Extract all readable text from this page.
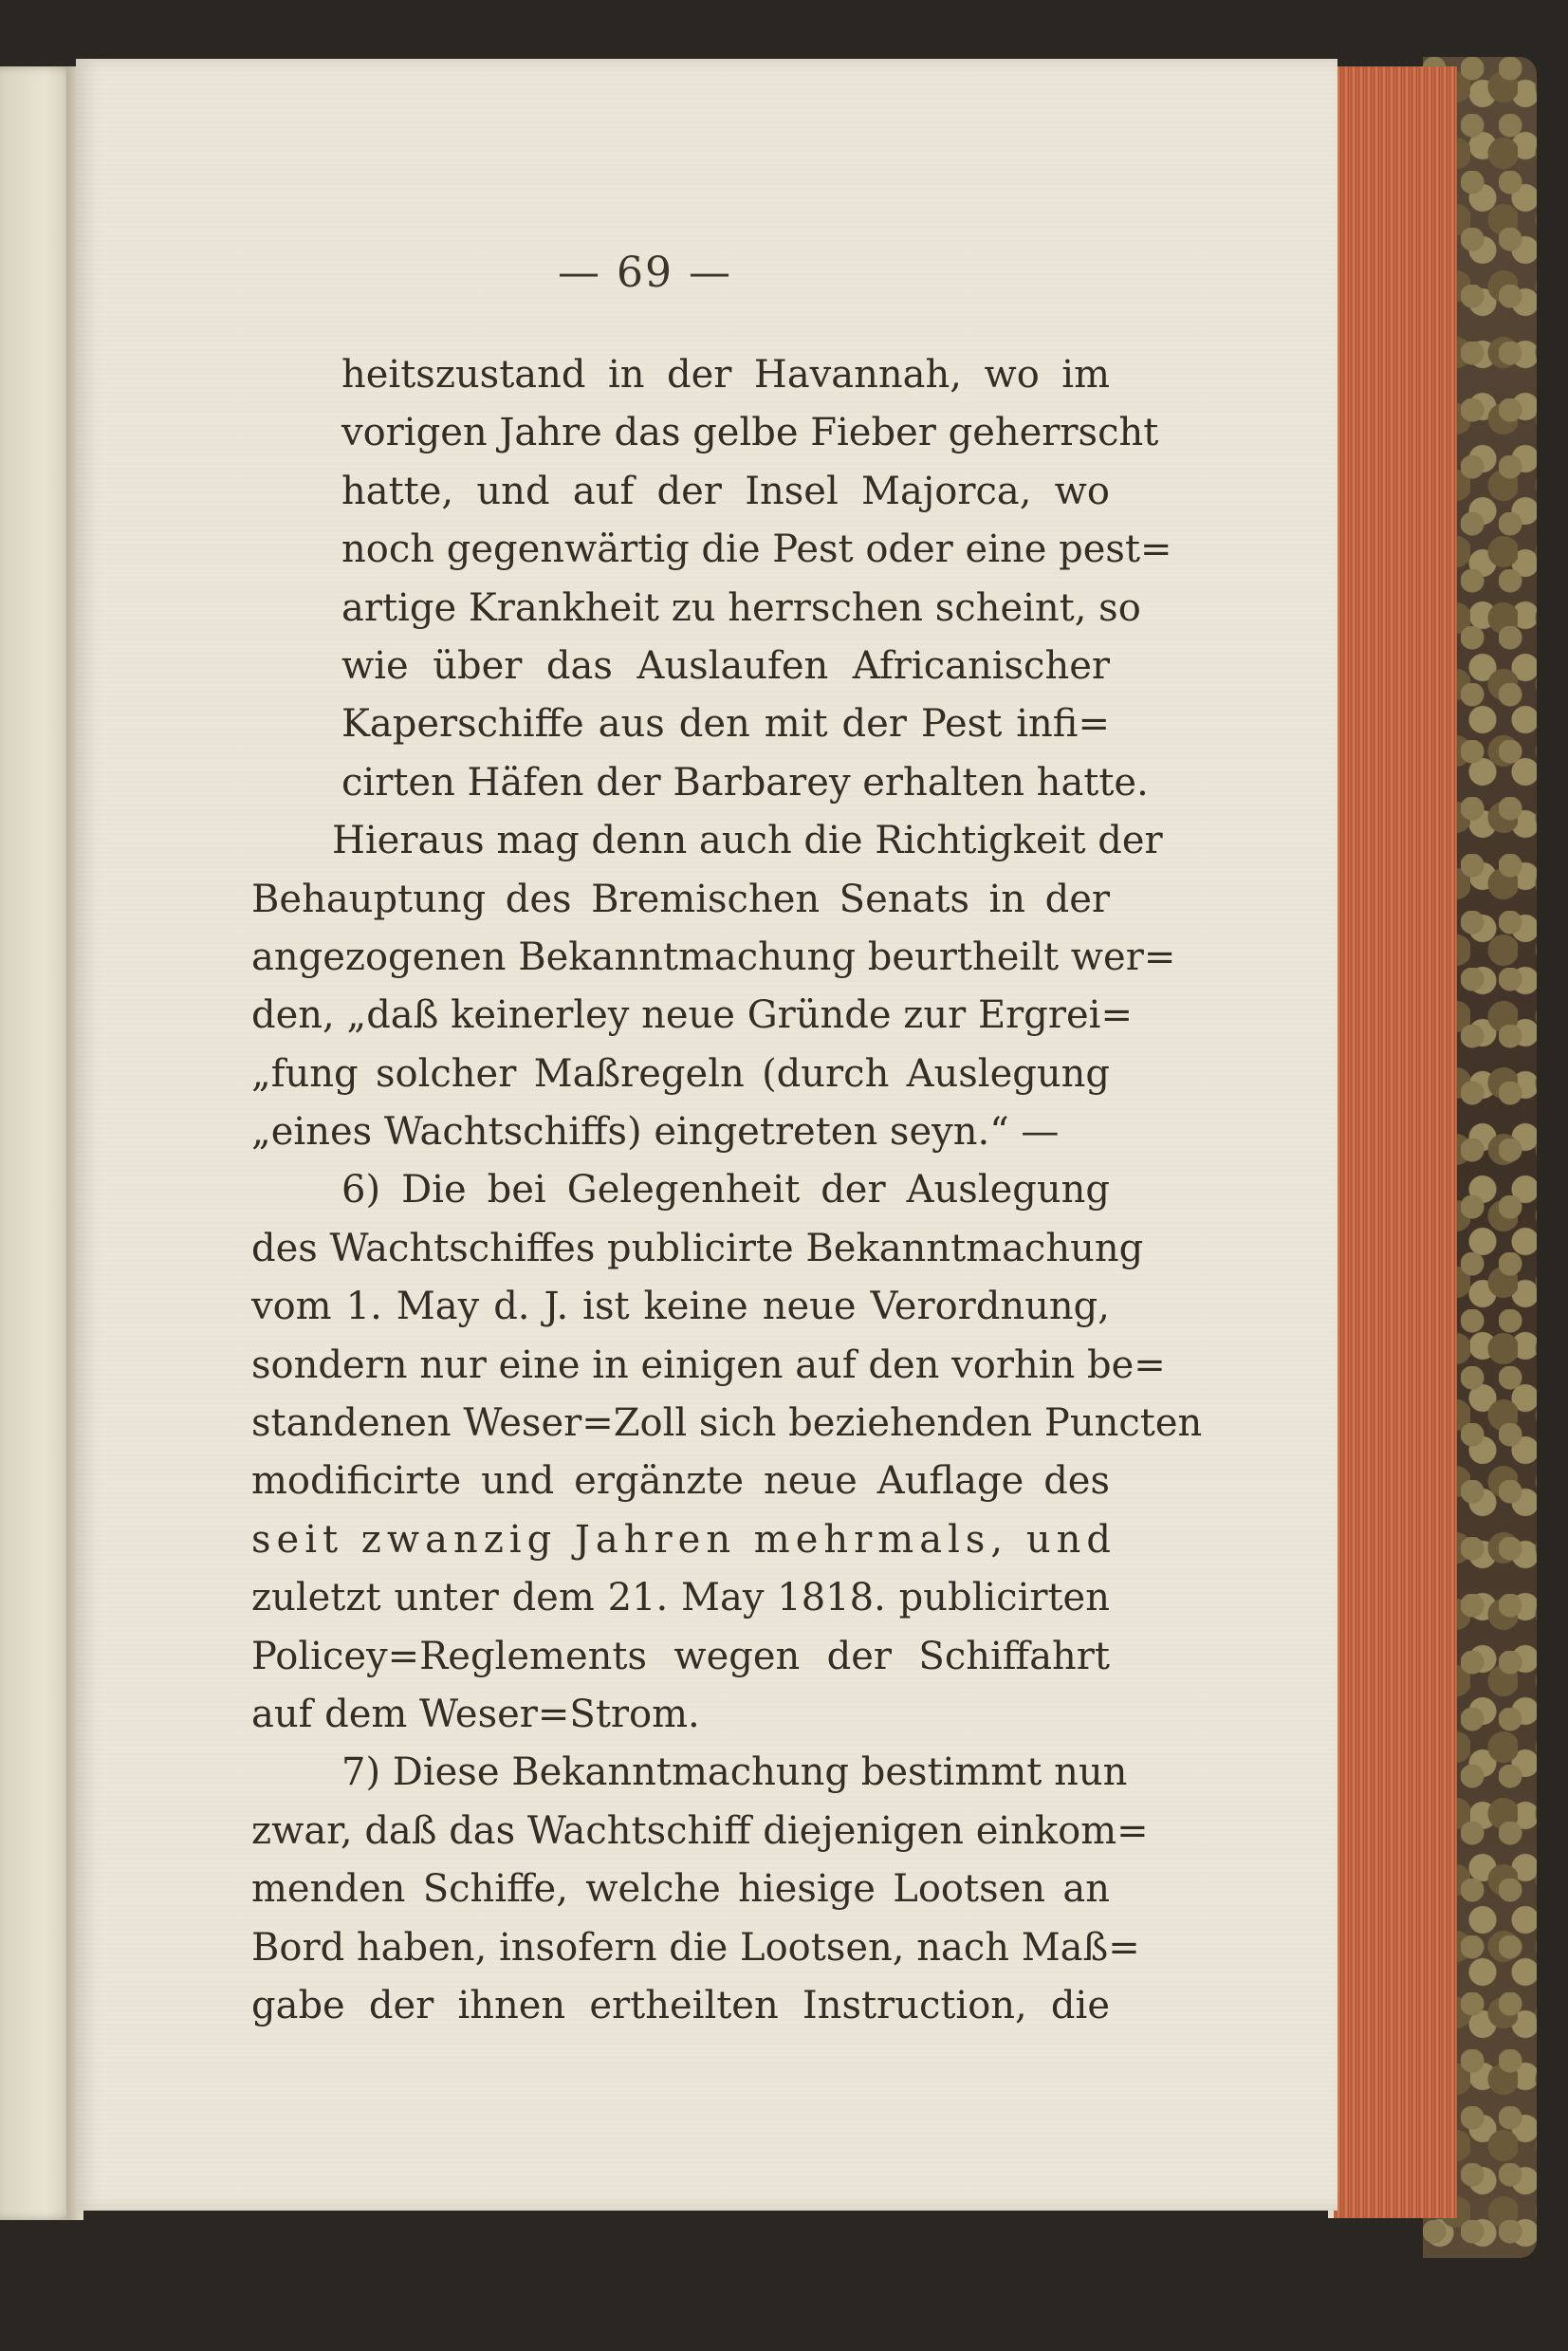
— 69 —
heitszustand in der Havannah, wo im
vorigen Jahre das gelbe Fieber geherrscht
hatte, und auf der Insel Majorca, wo
noch gegenwärtig die Pest oder eine pest=
artige Krankheit zu herrschen scheint, so
wie über das Auslaufen Africanischer
Kaperschiffe aus den mit der Pest infi=
cirten Häfen der Barbarey erhalten hatte.
Hieraus mag denn auch die Richtigkeit der
Behauptung des Bremischen Senats in der
angezogenen Bekanntmachung beurtheilt wer=
den, „daß keinerley neue Gründe zur Ergrei=
„fung solcher Maßregeln (durch Auslegung
„eines Wachtschiffs) eingetreten seyn.“ —
6) Die bei Gelegenheit der Auslegung
des Wachtschiffes publicirte Bekanntmachung
vom 1. May d. J. ist keine neue Verordnung,
sondern nur eine in einigen auf den vorhin be=
standenen Weser=Zoll sich beziehenden Puncten
modificirte und ergänzte neue Auflage des
seit zwanzig Jahren mehrmals, und
zuletzt unter dem 21. May 1818. publicirten
Policey=Reglements wegen der Schiffahrt
auf dem Weser=Strom.
7) Diese Bekanntmachung bestimmt nun
zwar, daß das Wachtschiff diejenigen einkom=
menden Schiffe, welche hiesige Lootsen an
Bord haben, insofern die Lootsen, nach Maß=
gabe der ihnen ertheilten Instruction, die
